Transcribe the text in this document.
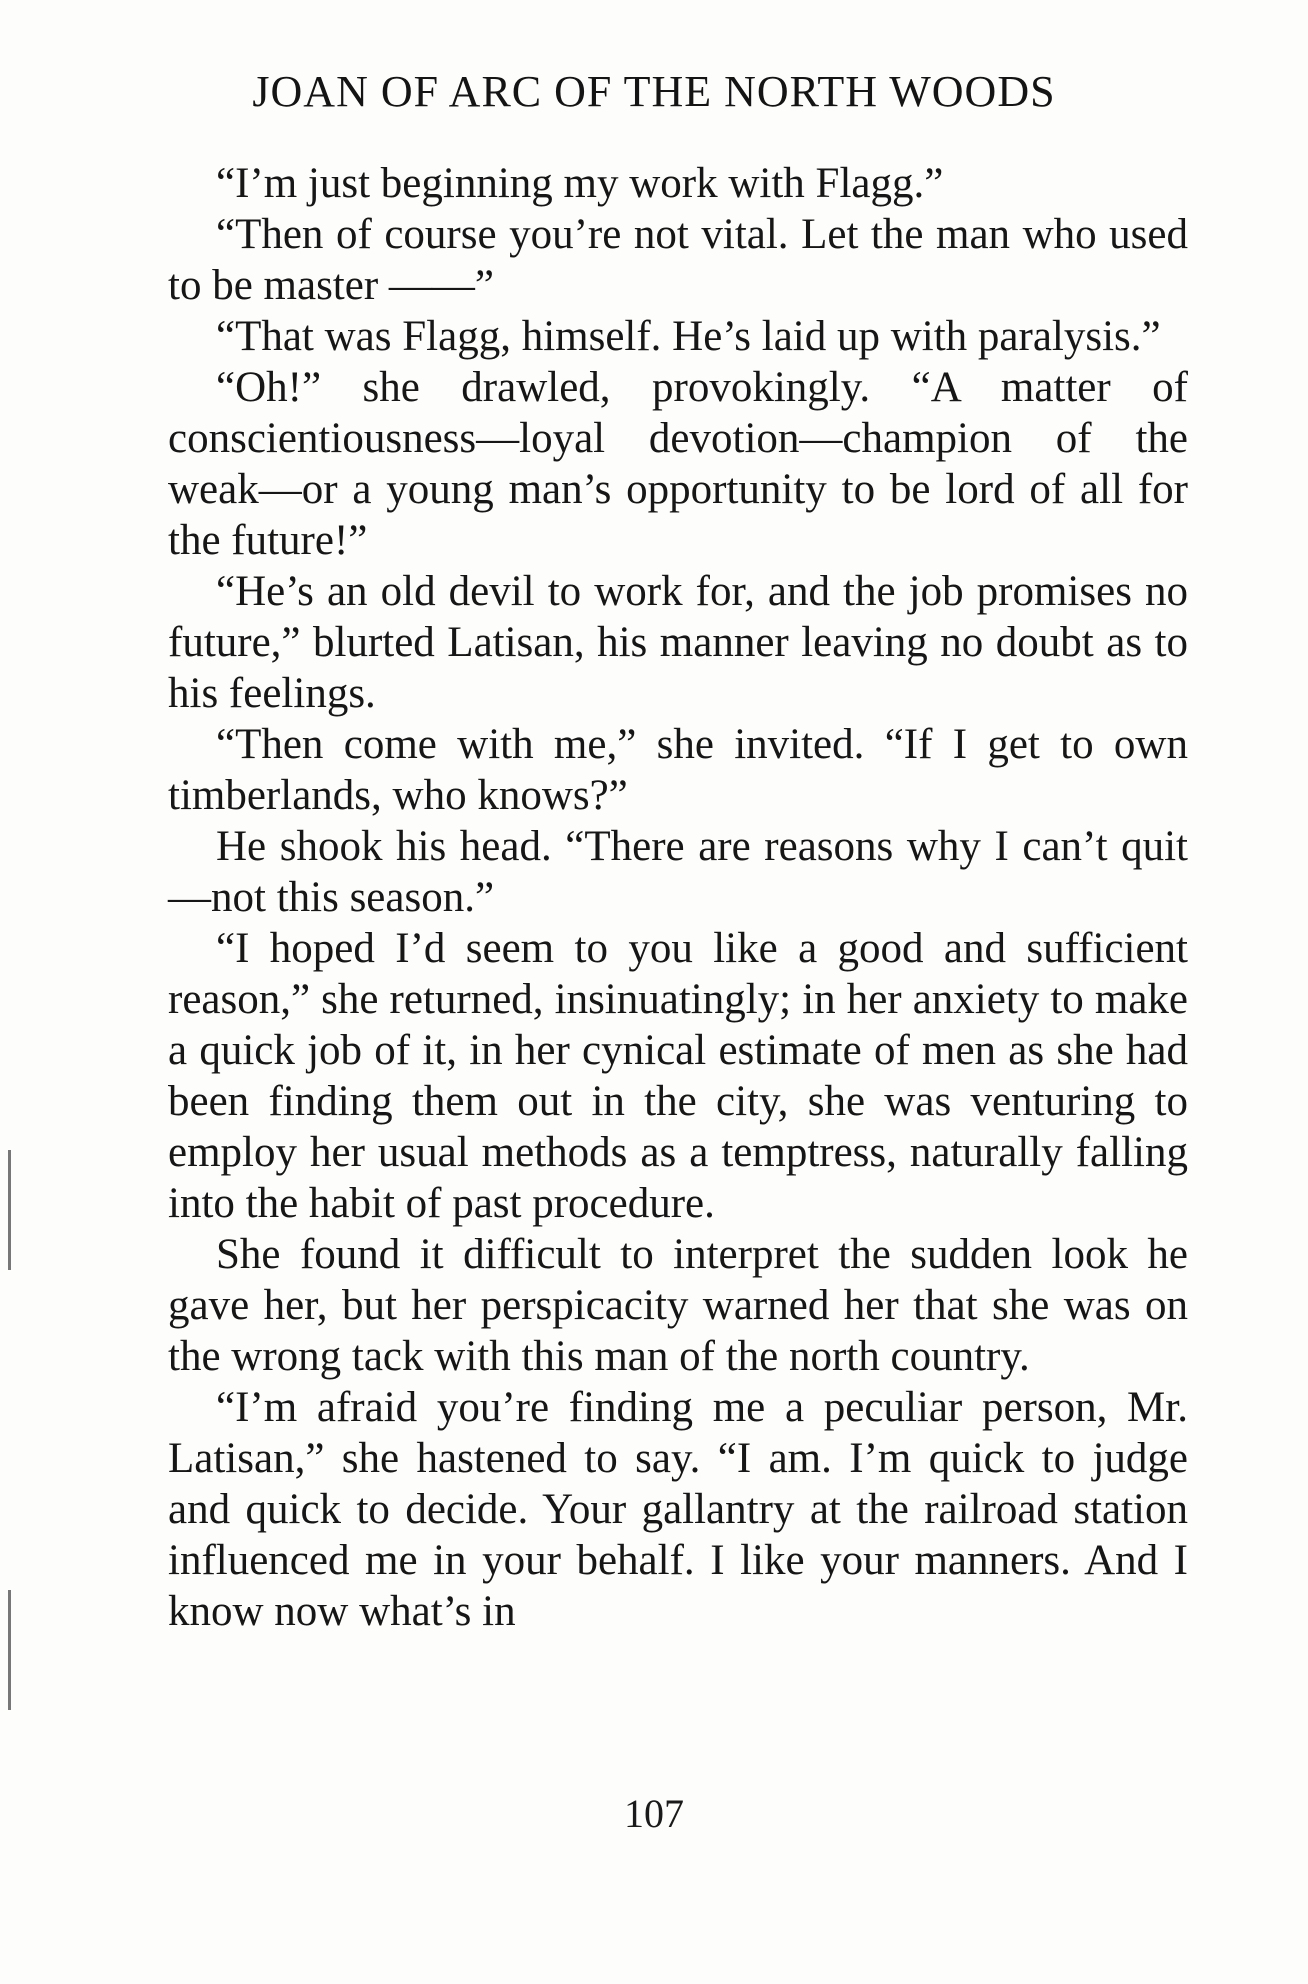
JOAN OF ARC OF THE NORTH WOODS

“I’m just beginning my work with Flagg.”

“Then of course you’re not vital. Let the man who used to be master ——”

“That was Flagg, himself. He’s laid up with paralysis.”

“Oh!” she drawled, provokingly. “A matter of conscientiousness—loyal devotion—champion of the weak—or a young man’s opportunity to be lord of all for the future!”

“He’s an old devil to work for, and the job promises no future,” blurted Latisan, his manner leaving no doubt as to his feelings.

“Then come with me,” she invited. “If I get to own timberlands, who knows?”

He shook his head. “There are reasons why I can’t quit—not this season.”

“I hoped I’d seem to you like a good and sufficient reason,” she returned, insinuatingly; in her anxiety to make a quick job of it, in her cynical estimate of men as she had been finding them out in the city, she was venturing to employ her usual methods as a temptress, naturally falling into the habit of past procedure.

She found it difficult to interpret the sudden look he gave her, but her perspicacity warned her that she was on the wrong tack with this man of the north country.

“I’m afraid you’re finding me a peculiar person, Mr. Latisan,” she hastened to say. “I am. I’m quick to judge and quick to decide. Your gallantry at the railroad station influenced me in your behalf. I like your manners. And I know now what’s in

107
